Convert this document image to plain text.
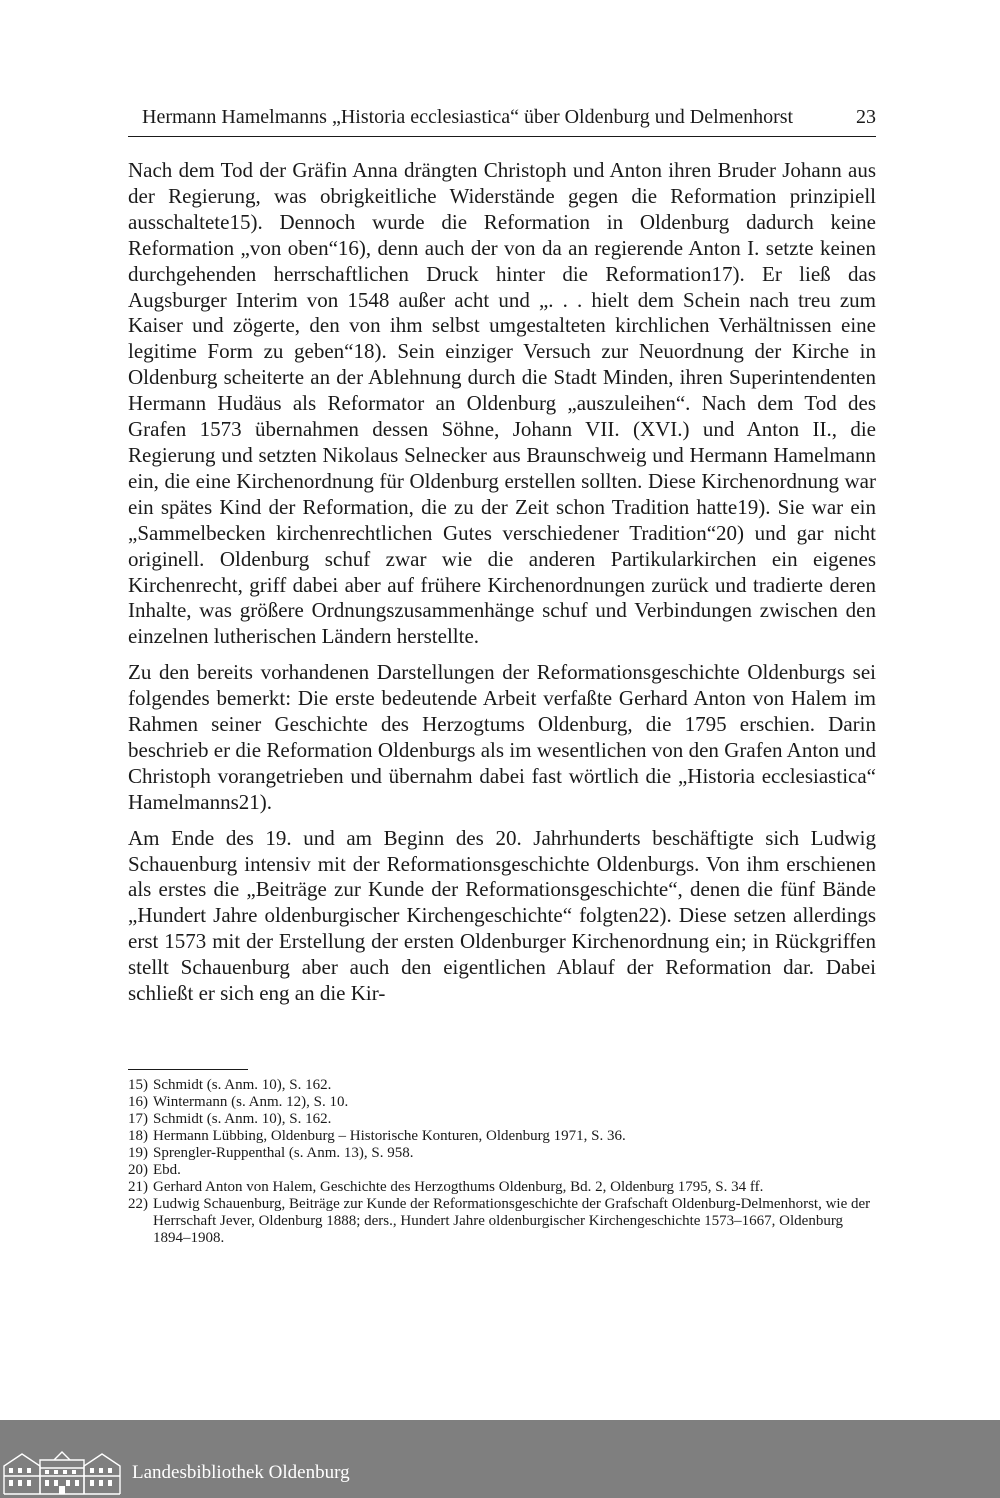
Hermann Hamelmanns „Historia ecclesiastica“ über Oldenburg und Delmenhorst	23

Nach dem Tod der Gräfin Anna drängten Christoph und Anton ihren Bruder Johann aus der Regierung, was obrigkeitliche Widerstände gegen die Reformation prinzipiell ausschaltete15). Dennoch wurde die Reformation in Oldenburg dadurch keine Reformation „von oben“16), denn auch der von da an regierende Anton I. setzte keinen durchgehenden herrschaftlichen Druck hinter die Reformation17). Er ließ das Augsburger Interim von 1548 außer acht und „. . . hielt dem Schein nach treu zum Kaiser und zögerte, den von ihm selbst umgestalteten kirchlichen Verhältnissen eine legitime Form zu geben“18). Sein einziger Versuch zur Neuordnung der Kirche in Oldenburg scheiterte an der Ablehnung durch die Stadt Minden, ihren Superintendenten Hermann Hudäus als Reformator an Oldenburg „auszuleihen“. Nach dem Tod des Grafen 1573 übernahmen dessen Söhne, Johann VII. (XVI.) und Anton II., die Regierung und setzten Nikolaus Selnecker aus Braunschweig und Hermann Hamelmann ein, die eine Kirchenordnung für Oldenburg erstellen sollten. Diese Kirchenordnung war ein spätes Kind der Reformation, die zu der Zeit schon Tradition hatte19). Sie war ein „Sammelbecken kirchenrechtlichen Gutes verschiedener Tradition“20) und gar nicht originell. Oldenburg schuf zwar wie die anderen Partikularkirchen ein eigenes Kirchenrecht, griff dabei aber auf frühere Kirchenordnungen zurück und tradierte deren Inhalte, was größere Ordnungszusammenhänge schuf und Verbindungen zwischen den einzelnen lutherischen Ländern herstellte.

Zu den bereits vorhandenen Darstellungen der Reformationsgeschichte Oldenburgs sei folgendes bemerkt: Die erste bedeutende Arbeit verfaßte Gerhard Anton von Halem im Rahmen seiner Geschichte des Herzogtums Oldenburg, die 1795 erschien. Darin beschrieb er die Reformation Oldenburgs als im wesentlichen von den Grafen Anton und Christoph vorangetrieben und übernahm dabei fast wörtlich die „Historia ecclesiastica“ Hamelmanns21).

Am Ende des 19. und am Beginn des 20. Jahrhunderts beschäftigte sich Ludwig Schauenburg intensiv mit der Reformationsgeschichte Oldenburgs. Von ihm erschienen als erstes die „Beiträge zur Kunde der Reformationsgeschichte“, denen die fünf Bände „Hundert Jahre oldenburgischer Kirchengeschichte“ folgten22). Diese setzen allerdings erst 1573 mit der Erstellung der ersten Oldenburger Kirchenordnung ein; in Rückgriffen stellt Schauenburg aber auch den eigentlichen Ablauf der Reformation dar. Dabei schließt er sich eng an die Kir-

15) Schmidt (s. Anm. 10), S. 162.
16) Wintermann (s. Anm. 12), S. 10.
17) Schmidt (s. Anm. 10), S. 162.
18) Hermann Lübbing, Oldenburg – Historische Konturen, Oldenburg 1971, S. 36.
19) Sprengler-Ruppenthal (s. Anm. 13), S. 958.
20) Ebd.
21) Gerhard Anton von Halem, Geschichte des Herzogthums Oldenburg, Bd. 2, Oldenburg 1795, S. 34 ff.
22) Ludwig Schauenburg, Beiträge zur Kunde der Reformationsgeschichte der Grafschaft Oldenburg-Delmenhorst, wie der Herrschaft Jever, Oldenburg 1888; ders., Hundert Jahre oldenburgischer Kirchengeschichte 1573–1667, Oldenburg 1894–1908.
Landesbibliothek Oldenburg
